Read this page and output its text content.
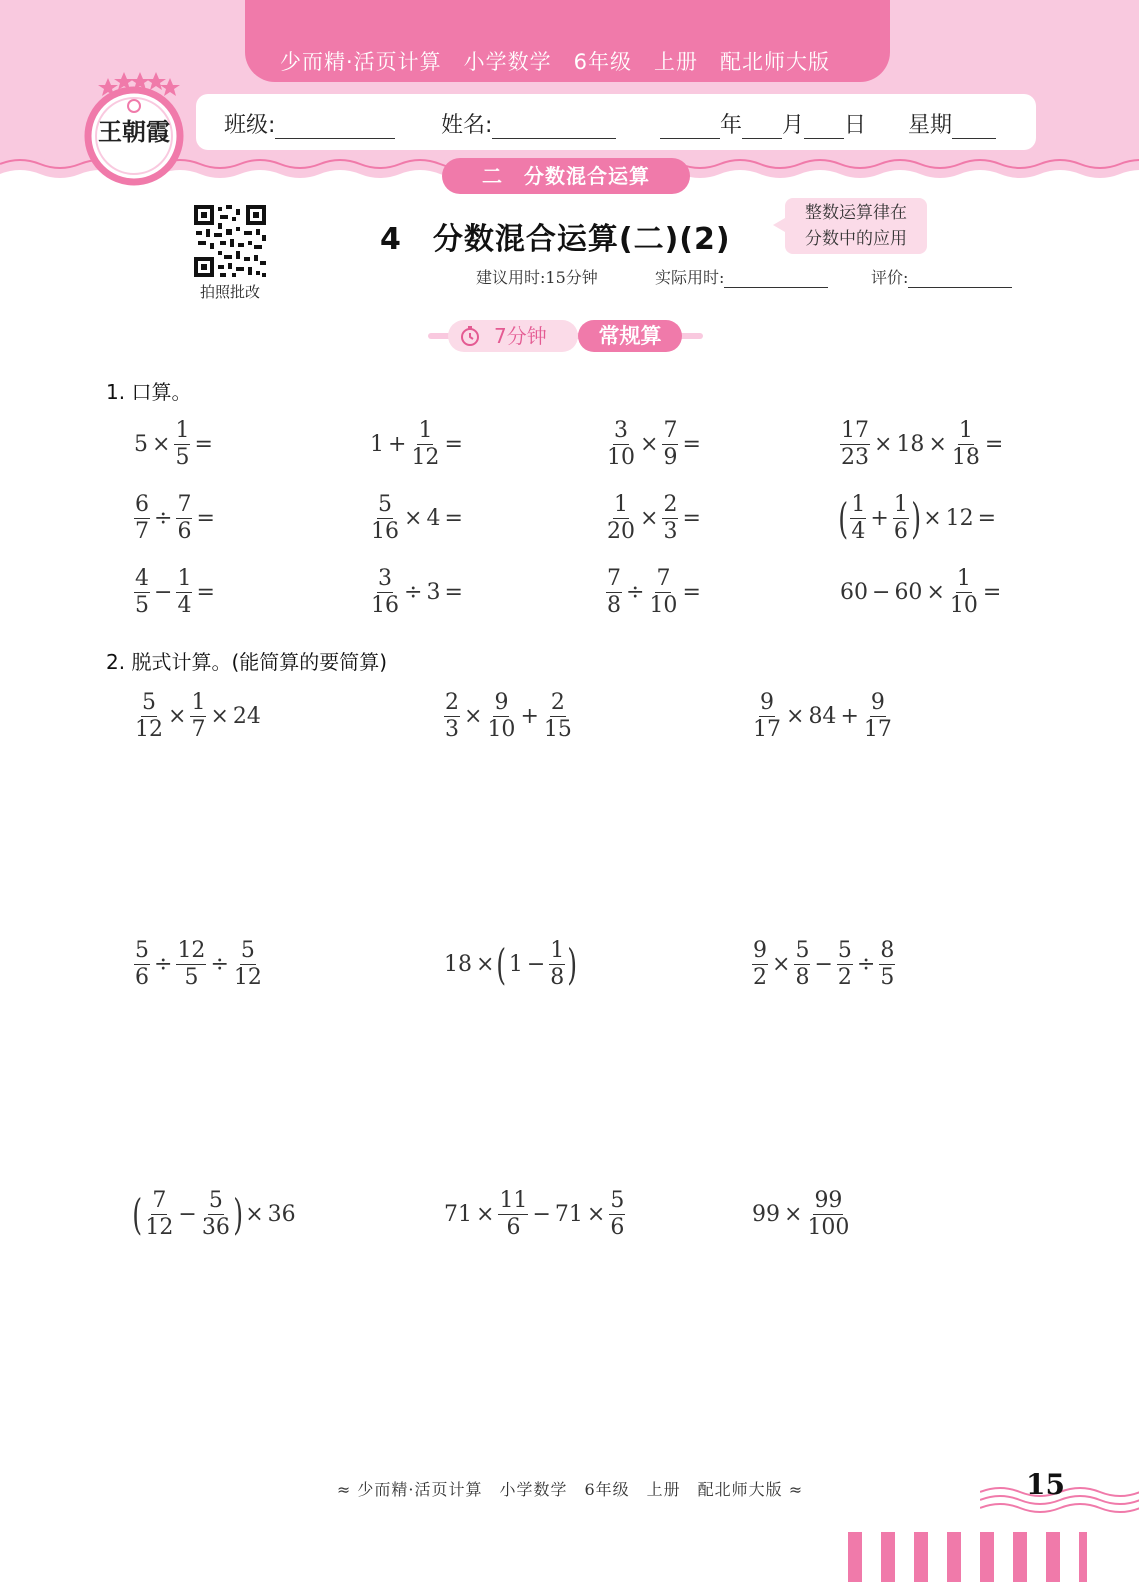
少而精·活页计算　小学数学　6年级　上册　配北师大版
班级:	姓名:	年 月 日 星期
王朝霞
二　分数混合运算
拍照批改
4　分数混合运算(二)(2)
整数运算律在
分数中的应用
建议用时:15分钟	实际用时:	评价:
7分钟	常规算
1. 口算。
$5 \times \frac{1}{5}$ =	$1 + \frac{1}{12}$ =	$\frac{3}{10} \times \frac{7}{9}$ =	$\frac{17}{23} \times 18 \times \frac{1}{18}$ =
$\frac{6}{7} \div \frac{7}{6}$ =	$\frac{5}{16} \times 4$ =	$\frac{1}{20} \times \frac{2}{3}$ =	( $\frac{1}{4} + \frac{1}{6}$ ) × 12 =
$\frac{4}{5} - \frac{1}{4}$ =	$\frac{3}{16} \div 3$ =	$\frac{7}{8} \div \frac{7}{10}$ =	$60 - 60 \times \frac{1}{10}$ =
2. 脱式计算。(能简算的要简算)
$\frac{5}{12} \times \frac{1}{7} \times 24$	$\frac{2}{3} \times \frac{9}{10} + \frac{2}{15}$	$\frac{9}{17} \times 84 + \frac{9}{17}$
$\frac{5}{6} \div \frac{12}{5} \div \frac{5}{12}$	18 × ( $1 - \frac{1}{8}$ )	$\frac{9}{2} \times \frac{5}{8} - \frac{5}{2} \div \frac{8}{5}$
( $\frac{7}{12} - \frac{5}{36}$ ) × 36	$71 \times \frac{11}{6} - 71 \times \frac{5}{6}$	$99 \times \frac{99}{100}$
≈ 少而精·活页计算　小学数学　6年级　上册　配北师大版 ≈	15
